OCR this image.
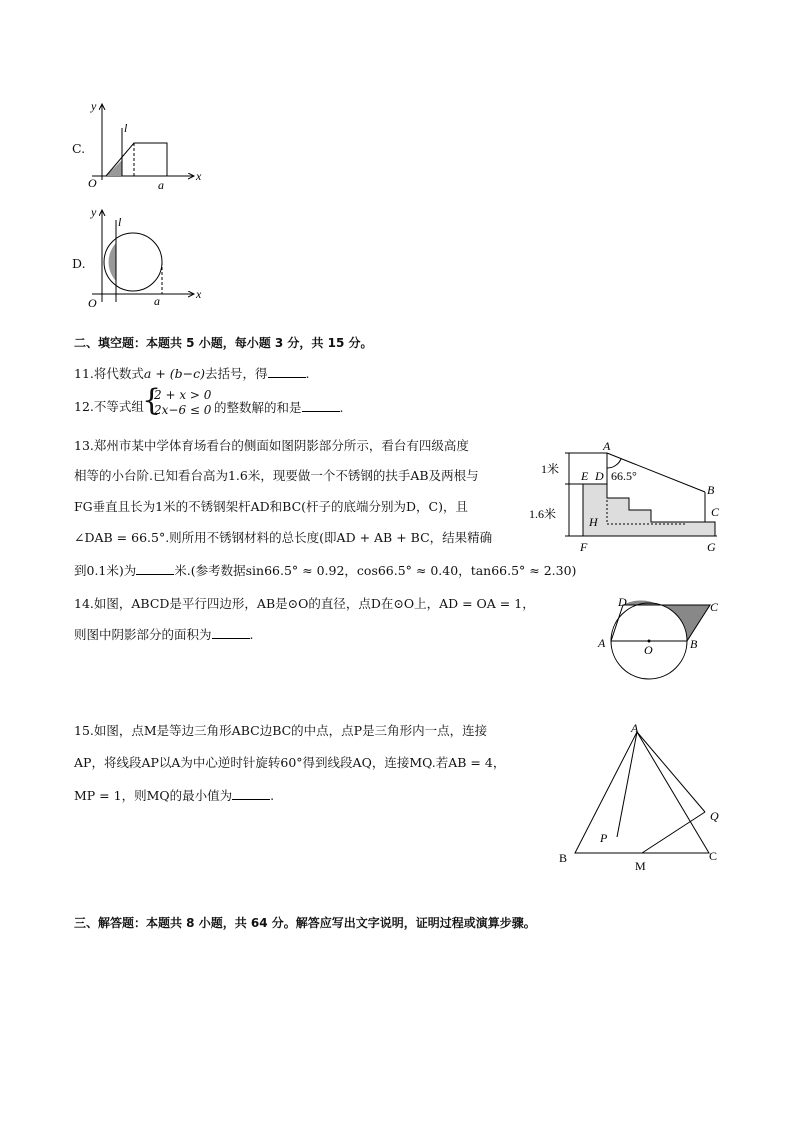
C.
y
x
l
O	a
D.
y
x
l
O	a
二、填空题：本题共 5 小题，每小题 3 分，共 15 分。
11.将代数式a + (b−c)去括号，得	.
12.不等式组
{
2 + x > 0
2x−6 ≤ 0 的整数解的和是	.
13.郑州市某中学体育场看台的侧面如图阴影部分所示，看台有四级高度
相等的小台阶.已知看台高为1.6米，现要做一个不锈钢的扶手AB及两根与
FG垂直且长为1米的不锈钢架杆AD和BC(杆子的底端分别为D，C)，且
∠DAB = 66.5°.则所用不锈钢材料的总长度(即AD + AB + BC，结果精确
到0.1米)为	米.(参考数据sin66.5° ≈ 0.92，cos66.5° ≈ 0.40，tan66.5° ≈ 2.30)
A
B
C
D
E
F	G
H
66.5°
1米
1.6米
14.如图，ABCD是平行四边形，AB是⊙O的直径，点D在⊙O上，AD = OA = 1，
则图中阴影部分的面积为	.
A	B
C
D
O
15.如图，点M是等边三角形ABC边BC的中点，点P是三角形内一点，连接
AP，将线段AP以A为中心逆时针旋转60°得到线段AQ，连接MQ.若AB = 4，
MP = 1，则MQ的最小值为	.
A
B	C
M
P
Q
三、解答题：本题共 8 小题，共 64 分。解答应写出文字说明，证明过程或演算步骤。
